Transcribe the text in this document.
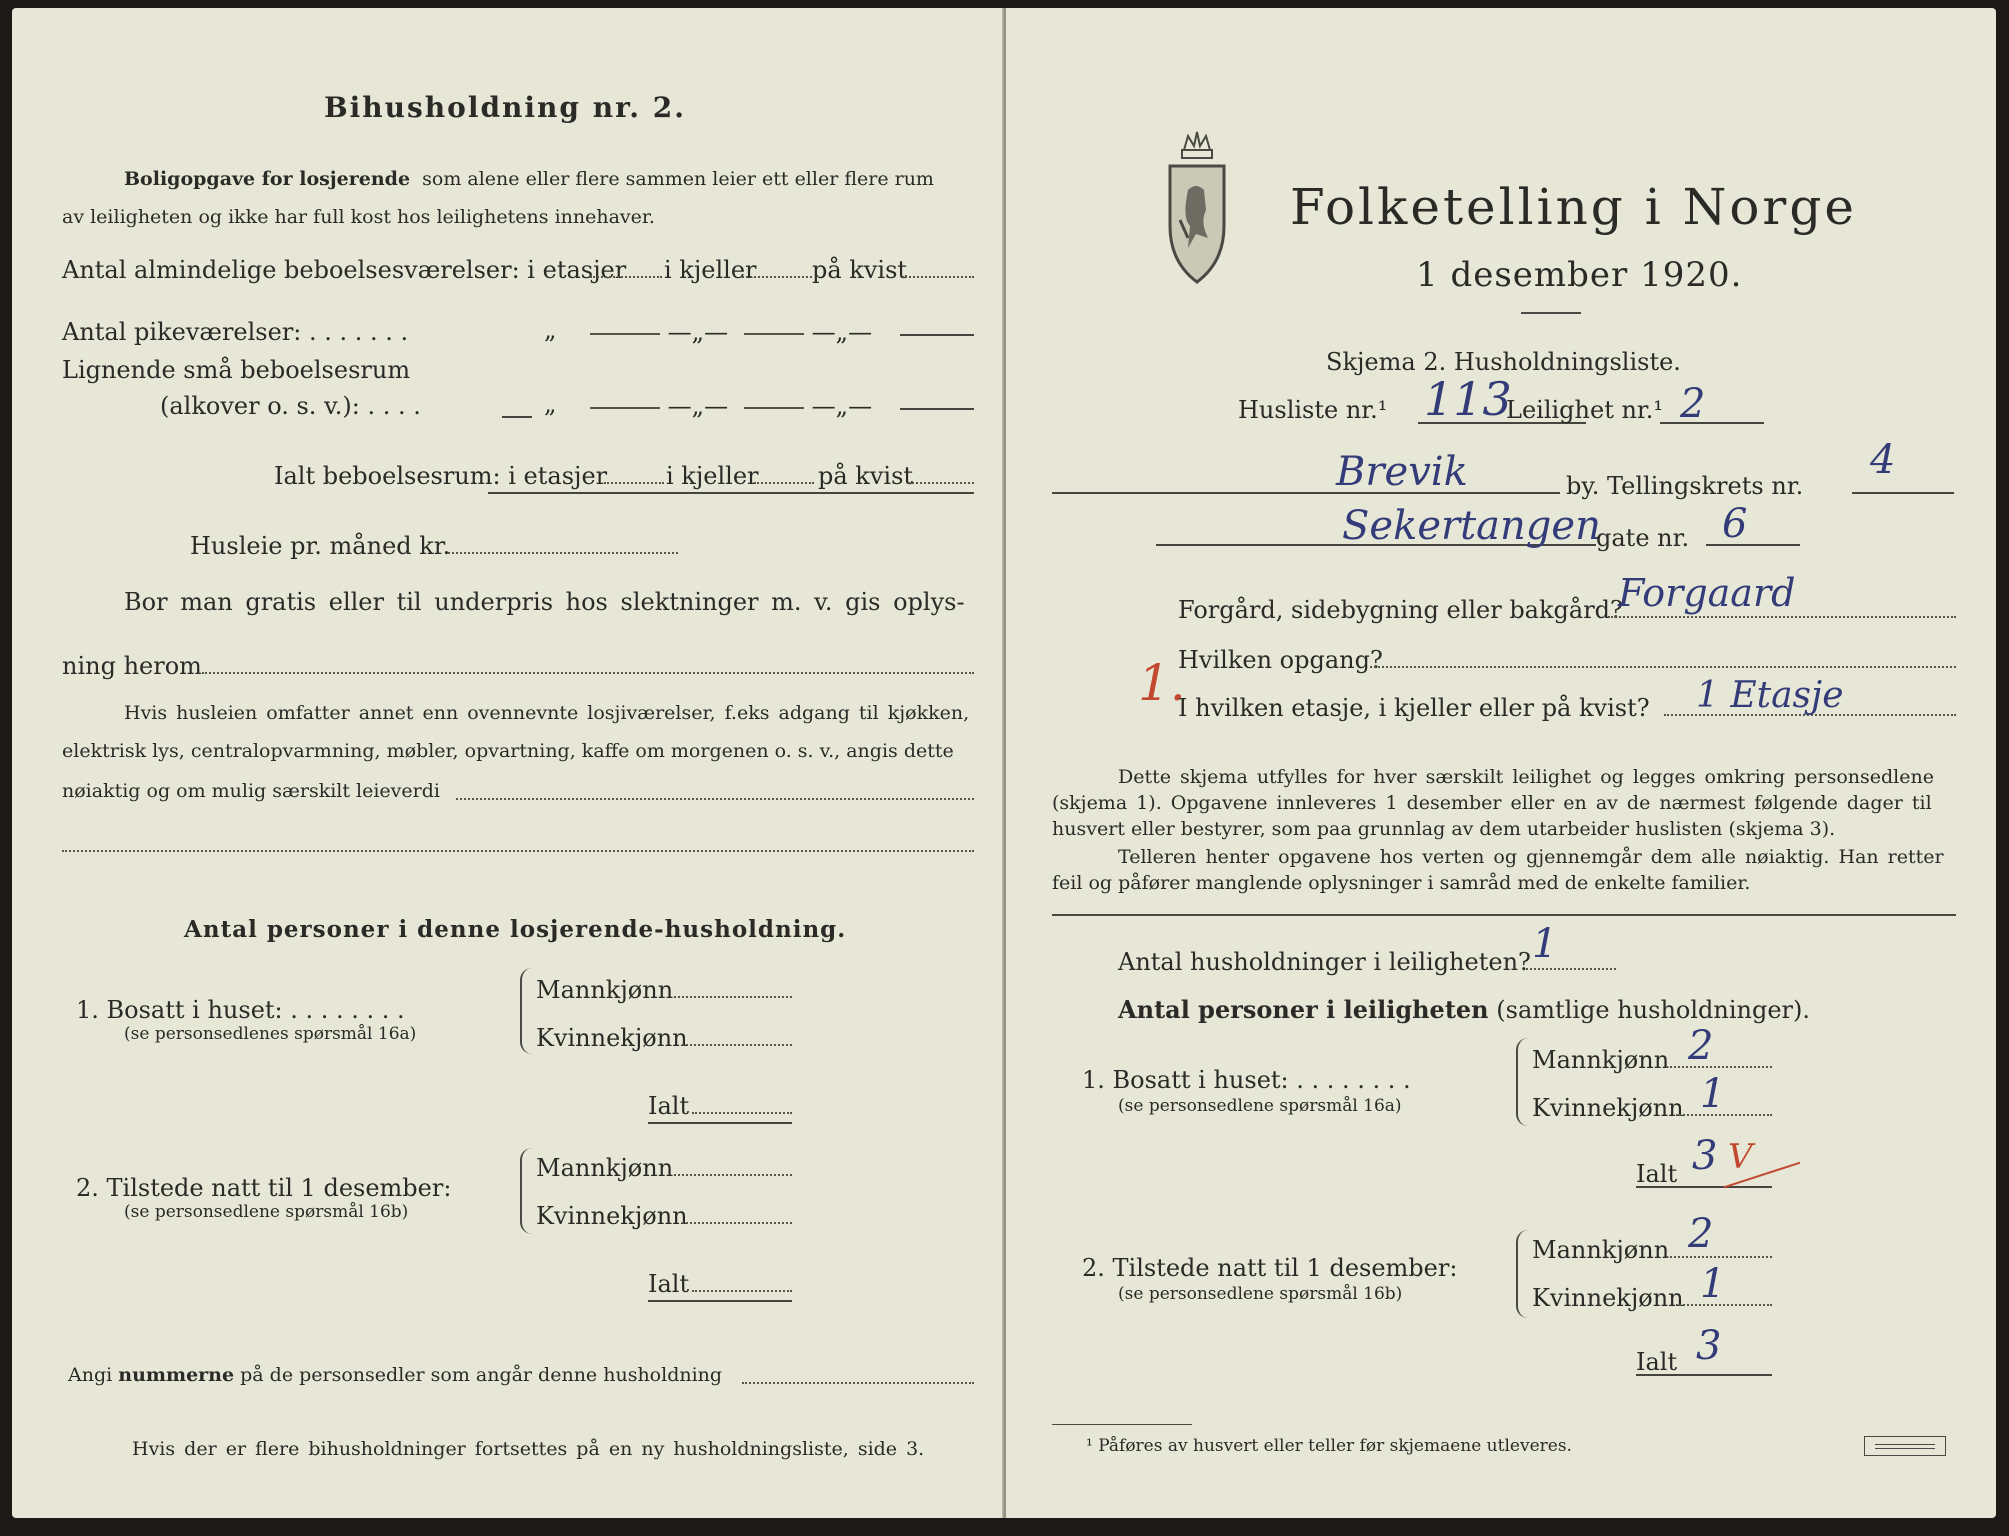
Bihusholdning nr. 2.
Boligopgave for losjerende som alene eller flere sammen leier ett eller flere rum
av leiligheten og ikke har full kost hos leilighetens innehaver.
Antal almindelige beboelsesværelser: i etasjer i kjeller på kvist
Antal pikeværelser: . . . . . . .	„	—„—	—„—
Lignende små beboelsesrum
(alkover o. s. v.): . . . .	„	—„—	—„—
Ialt beboelsesrum: i etasjer i kjeller på kvist
Husleie pr. måned kr.
Bor man gratis eller til underpris hos slektninger m. v. gis oplys-
ning herom
Hvis husleien omfatter annet enn ovennevnte losjiværelser, f.eks adgang til kjøkken,
elektrisk lys, centralopvarmning, møbler, opvartning, kaffe om morgenen o. s. v., angis dette
nøiaktig og om mulig særskilt leieverdi
Antal personer i denne losjerende-husholdning.
1. Bosatt i huset: . . . . . . . .
(se personsedlenes spørsmål 16a)
Mannkjønn
Kvinnekjønn
Ialt
2. Tilstede natt til 1 desember:
(se personsedlene spørsmål 16b)
Mannkjønn
Kvinnekjønn
Ialt
Angi nummerne på de personsedler som angår denne husholdning
Hvis der er flere bihusholdninger fortsettes på en ny husholdningsliste, side 3.
Folketelling i Norge
1 desember 1920.
Skjema 2. Husholdningsliste.
Husliste nr.¹ 113
Leilighet nr.¹ 2
Brevik	by. Tellingskrets nr.
4
Sekertangen
gate nr. 6
Forgård, sidebygning eller bakgård?
Forgaard
Hvilken opgang?
1.
I hvilken etasje, i kjeller eller på kvist? 1 Etasje
Dette skjema utfylles for hver særskilt leilighet og legges omkring personsedlene
(skjema 1). Opgavene innleveres 1 desember eller en av de nærmest følgende dager til
husvert eller bestyrer, som paa grunnlag av dem utarbeider huslisten (skjema 3).
Telleren henter opgavene hos verten og gjennemgår dem alle nøiaktig. Han retter
feil og påfører manglende oplysninger i samråd med de enkelte familier.
Antal husholdninger i leiligheten? 1
Antal personer i leiligheten (samtlige husholdninger).
1. Bosatt i huset: . . . . . . . .
(se personsedlene spørsmål 16a)
Mannkjønn 2
Kvinnekjønn 1
Ialt 3 V
2. Tilstede natt til 1 desember:
(se personsedlene spørsmål 16b)
Mannkjønn 2
Kvinnekjønn 1
Ialt 3
¹ Påføres av husvert eller teller før skjemaene utleveres.
